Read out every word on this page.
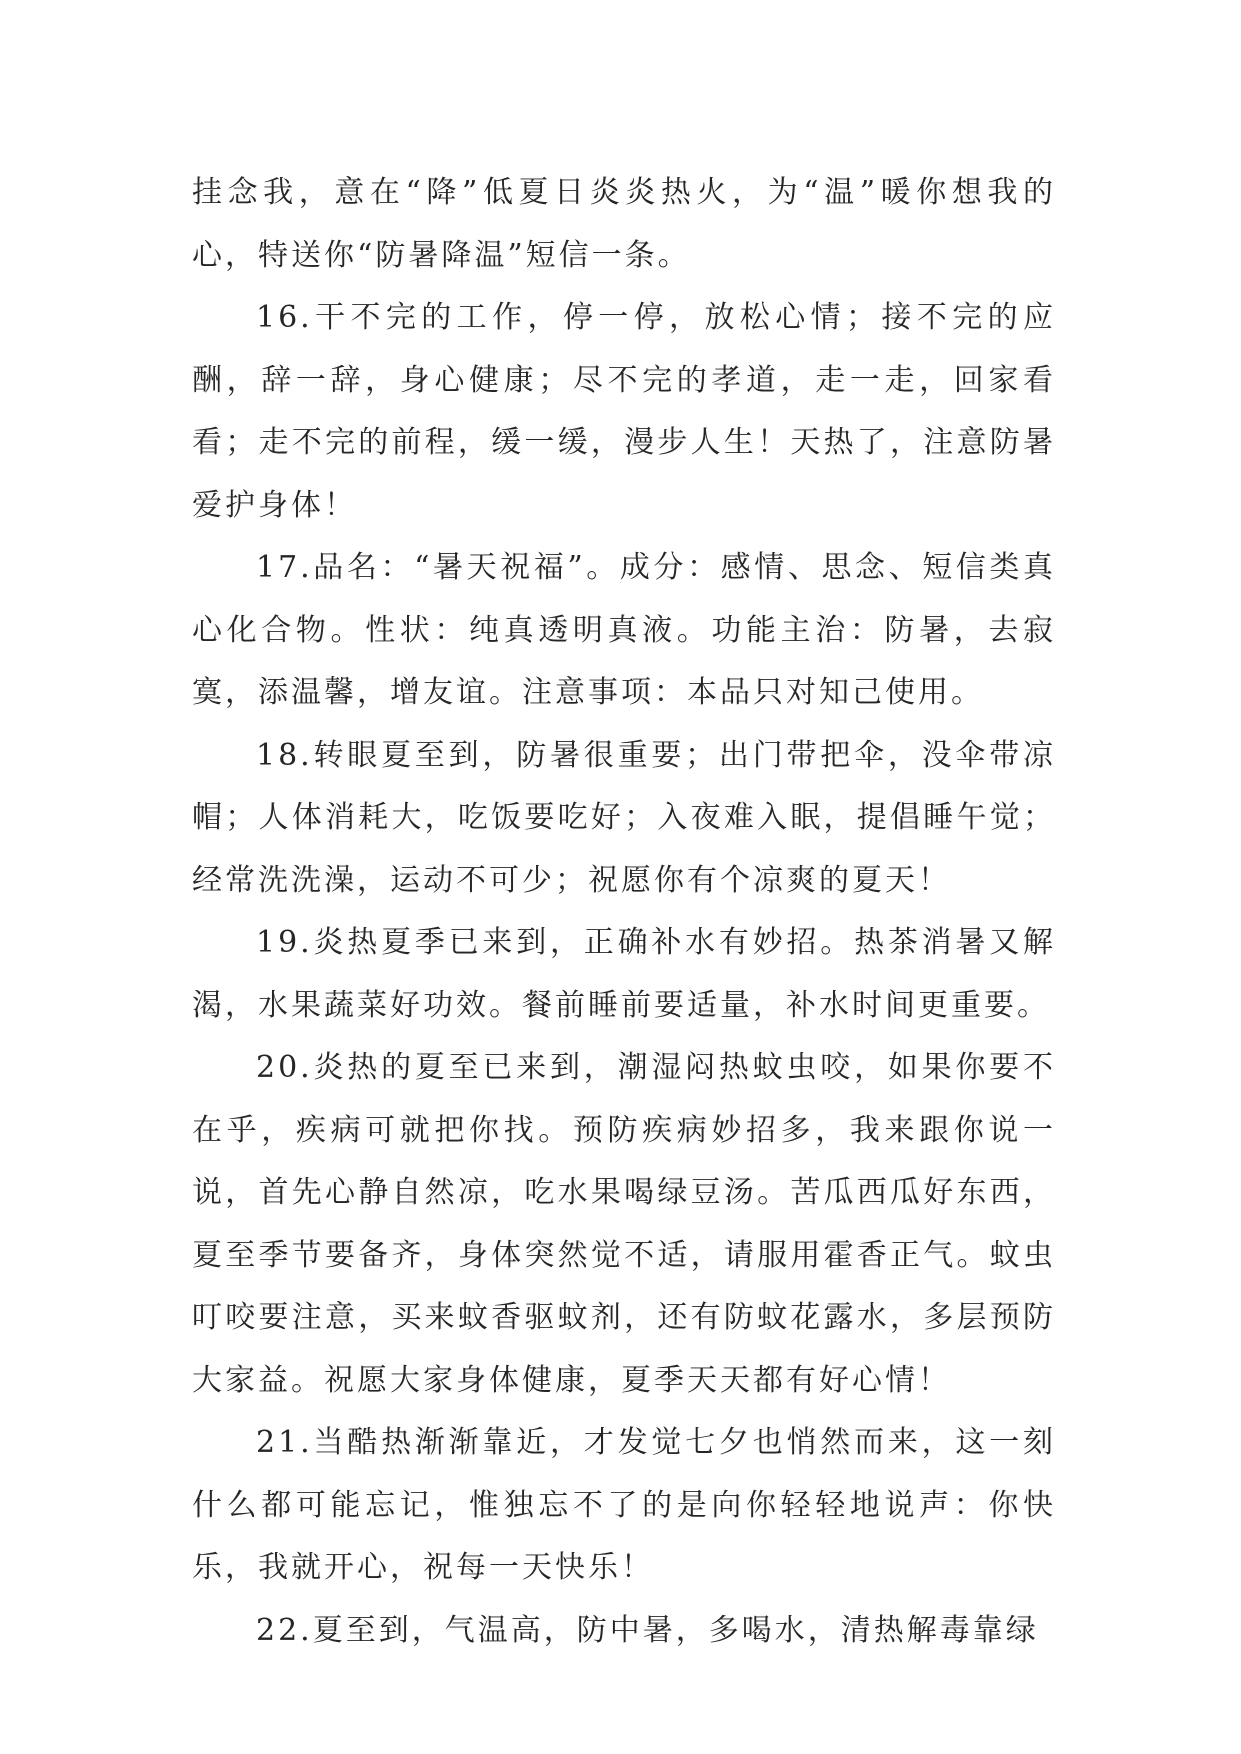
挂念我，意在“降”低夏日炎炎热火，为“温”暖你想我的心，特送你“防暑降温”短信一条。

16.干不完的工作，停一停，放松心情；接不完的应酬，辞一辞，身心健康；尽不完的孝道，走一走，回家看看；走不完的前程，缓一缓，漫步人生！天热了，注意防暑爱护身体！

17.品名：“暑天祝福”。成分：感情、思念、短信类真心化合物。性状：纯真透明真液。功能主治：防暑，去寂寞，添温馨，增友谊。注意事项：本品只对知己使用。

18.转眼夏至到，防暑很重要；出门带把伞，没伞带凉帽；人体消耗大，吃饭要吃好；入夜难入眠，提倡睡午觉；经常洗洗澡，运动不可少；祝愿你有个凉爽的夏天！

19.炎热夏季已来到，正确补水有妙招。热茶消暑又解渴，水果蔬菜好功效。餐前睡前要适量，补水时间更重要。

20.炎热的夏至已来到，潮湿闷热蚊虫咬，如果你要不在乎，疾病可就把你找。预防疾病妙招多，我来跟你说一说，首先心静自然凉，吃水果喝绿豆汤。苦瓜西瓜好东西，夏至季节要备齐，身体突然觉不适，请服用霍香正气。蚊虫叮咬要注意，买来蚊香驱蚊剂，还有防蚊花露水，多层预防大家益。祝愿大家身体健康，夏季天天都有好心情！

21.当酷热渐渐靠近，才发觉七夕也悄然而来，这一刻什么都可能忘记，惟独忘不了的是向你轻轻地说声：你快乐，我就开心，祝每一天快乐！

22.夏至到，气温高，防中暑，多喝水，清热解毒靠绿
